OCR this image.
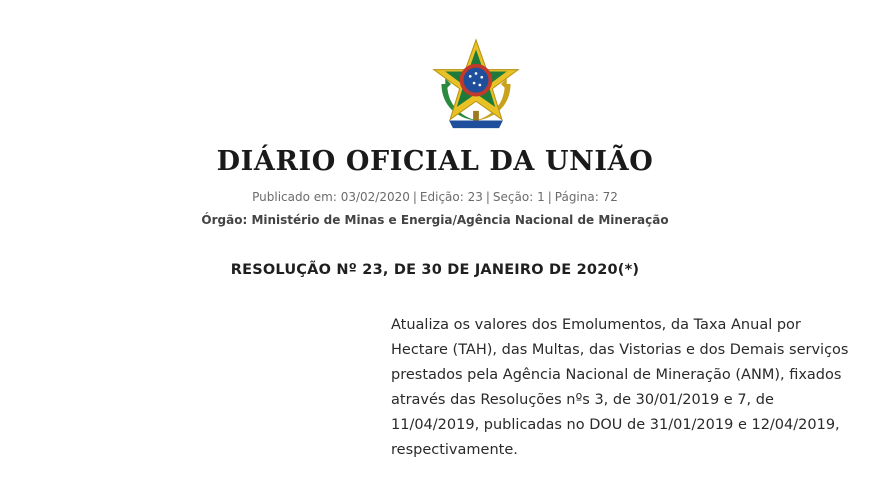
DIÁRIO OFICIAL DA UNIÃO
Publicado em: 03/02/2020 | Edição: 23 | Seção: 1 | Página: 72
Órgão: Ministério de Minas e Energia/Agência Nacional de Mineração
RESOLUÇÃO Nº 23, DE 30 DE JANEIRO DE 2020(*)
Atualiza os valores dos Emolumentos, da Taxa Anual por
Hectare (TAH), das Multas, das Vistorias e dos Demais serviços
prestados pela Agência Nacional de Mineração (ANM), fixados
através das Resoluções nºs 3, de 30/01/2019 e 7, de
11/04/2019, publicadas no DOU de 31/01/2019 e 12/04/2019,
respectivamente.
